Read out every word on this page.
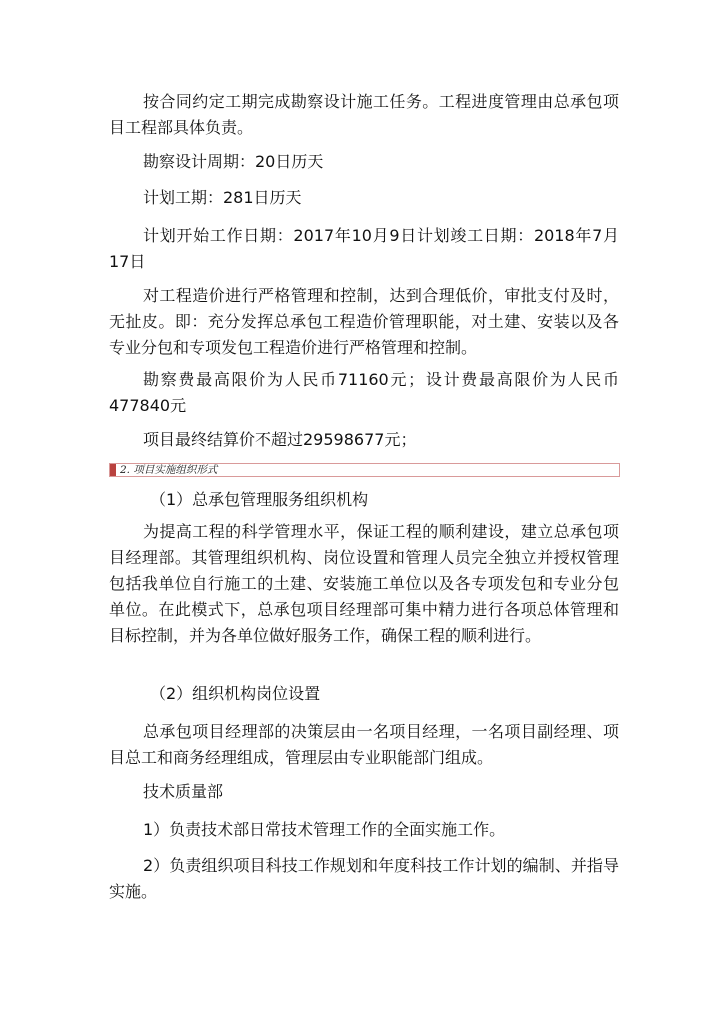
按合同约定工期完成勘察设计施工任务。工程进度管理由总承包项目工程部具体负责。

勘察设计周期：20日历天

计划工期：281日历天

计划开始工作日期：2017年10月9日计划竣工日期：2018年7月17日

对工程造价进行严格管理和控制，达到合理低价，审批支付及时，无扯皮。即：充分发挥总承包工程造价管理职能，对土建、安装以及各专业分包和专项发包工程造价进行严格管理和控制。

勘察费最高限价为人民币71160元；设计费最高限价为人民币477840元

项目最终结算价不超过29598677元；

2. 项目实施组织形式

（1）总承包管理服务组织机构

为提高工程的科学管理水平，保证工程的顺利建设，建立总承包项目经理部。其管理组织机构、岗位设置和管理人员完全独立并授权管理包括我单位自行施工的土建、安装施工单位以及各专项发包和专业分包单位。在此模式下，总承包项目经理部可集中精力进行各项总体管理和目标控制，并为各单位做好服务工作，确保工程的顺利进行。

（2）组织机构岗位设置

总承包项目经理部的决策层由一名项目经理，一名项目副经理、项目总工和商务经理组成，管理层由专业职能部门组成。

技术质量部

1）负责技术部日常技术管理工作的全面实施工作。

2）负责组织项目科技工作规划和年度科技工作计划的编制、并指导实施。
